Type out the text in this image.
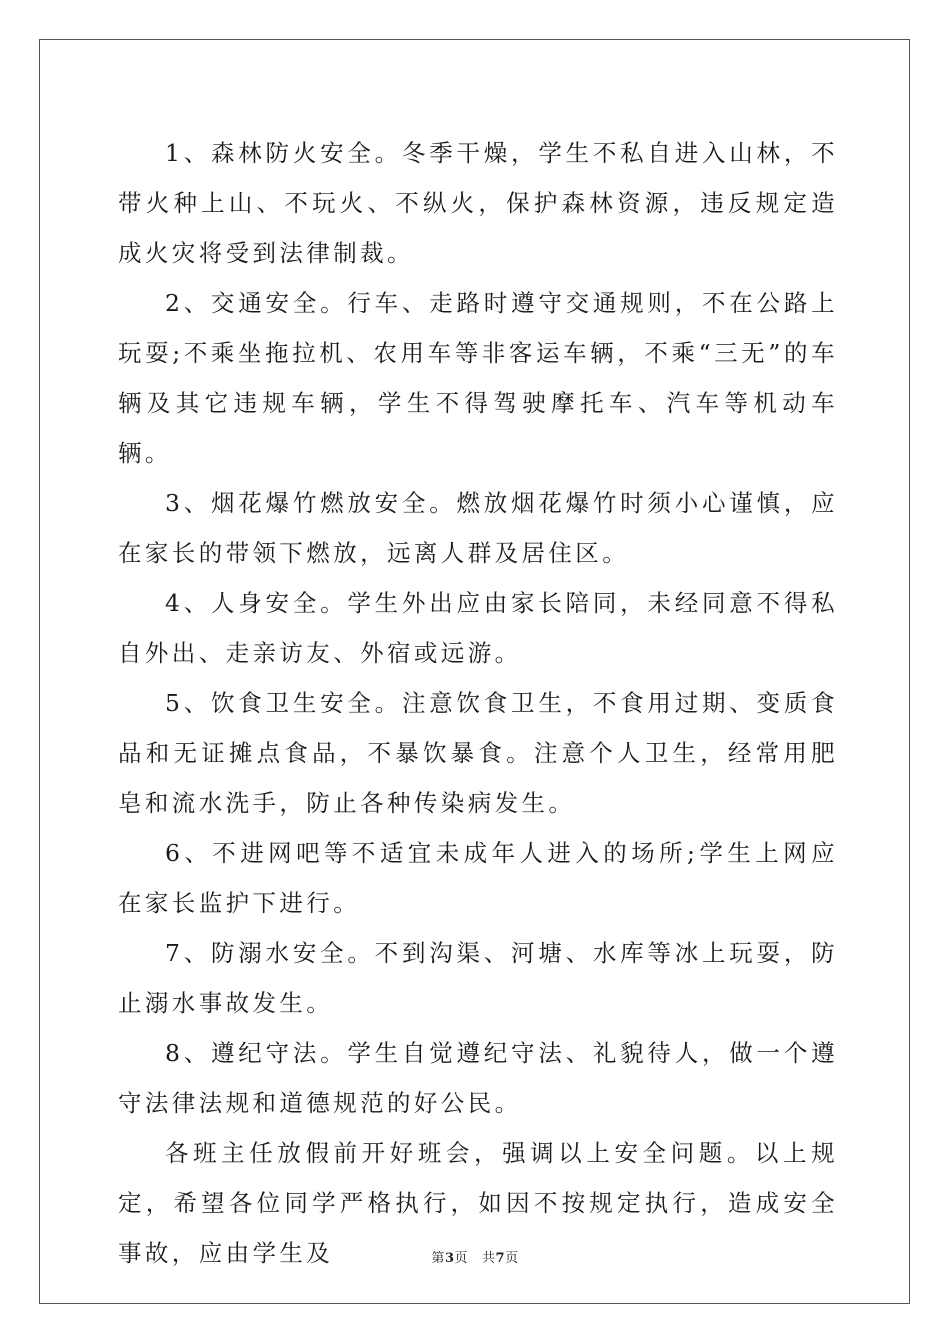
1、森林防火安全。冬季干燥，学生不私自进入山林，不带火种上山、不玩火、不纵火，保护森林资源，违反规定造成火灾将受到法律制裁。

2、交通安全。行车、走路时遵守交通规则，不在公路上玩耍;不乘坐拖拉机、农用车等非客运车辆，不乘“三无”的车辆及其它违规车辆，学生不得驾驶摩托车、汽车等机动车辆。

3、烟花爆竹燃放安全。燃放烟花爆竹时须小心谨慎，应在家长的带领下燃放，远离人群及居住区。

4、人身安全。学生外出应由家长陪同，未经同意不得私自外出、走亲访友、外宿或远游。

5、饮食卫生安全。注意饮食卫生，不食用过期、变质食品和无证摊点食品，不暴饮暴食。注意个人卫生，经常用肥皂和流水洗手，防止各种传染病发生。

6、不进网吧等不适宜未成年人进入的场所;学生上网应在家长监护下进行。

7、防溺水安全。不到沟渠、河塘、水库等冰上玩耍，防止溺水事故发生。

8、遵纪守法。学生自觉遵纪守法、礼貌待人，做一个遵守法律法规和道德规范的好公民。

各班主任放假前开好班会，强调以上安全问题。以上规定，希望各位同学严格执行，如因不按规定执行，造成安全事故，应由学生及	第3页 共7页
